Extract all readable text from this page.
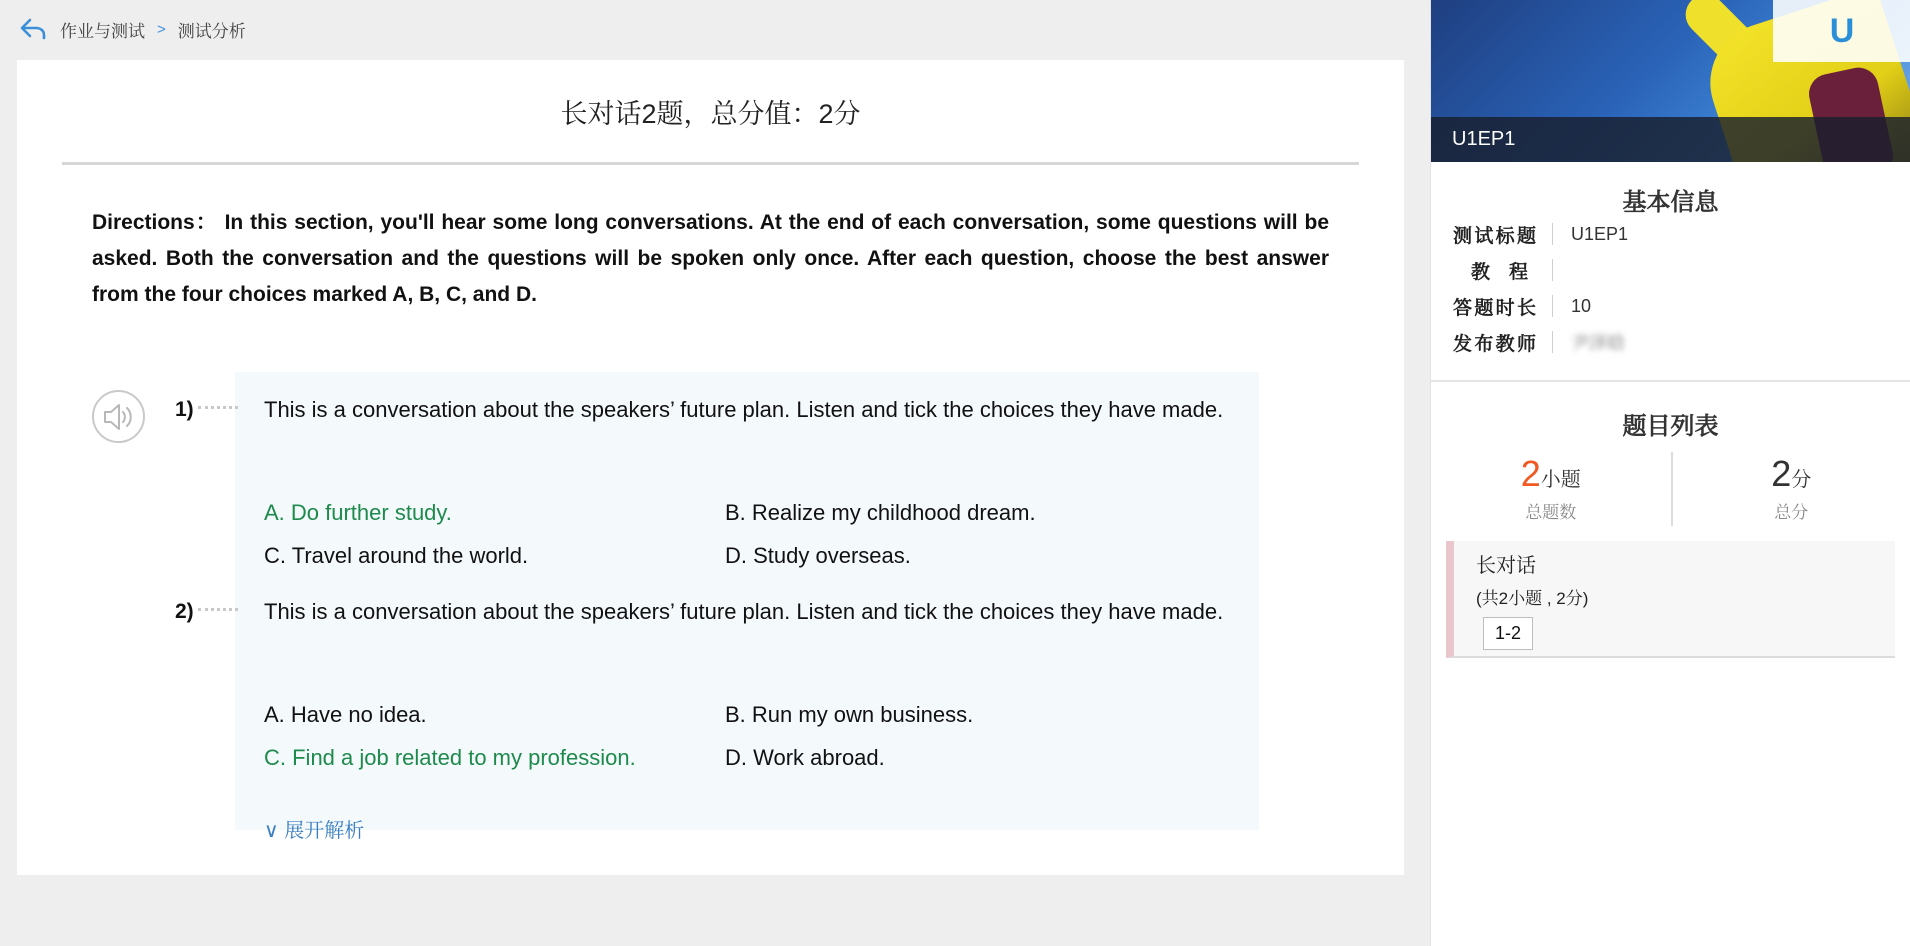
作业与测试 > 测试分析
长对话2题，总分值：2分
Directions： In this section, you'll hear some long conversations. At the end of each conversation, some questions will be asked. Both the conversation and the questions will be spoken only once. After each question, choose the best answer from the four choices marked A, B, C, and D.
1)	This is a conversation about the speakers’ future plan. Listen and tick the choices they have made.
A. Do further study.	B. Realize my childhood dream.
C. Travel around the world.	D. Study overseas.
2)	This is a conversation about the speakers’ future plan. Listen and tick the choices they have made.
A. Have no idea.	B. Run my own business.
C. Find a job related to my profession.	D. Work abroad.
∨ 展开解析
U
U1EP1
基本信息
测试标题 U1EP1
教 程
答题时长 10
发布教师 尹泽晗
题目列表
2小题
总题数
2分
总分
长对话
(共2小题 , 2分)
1-2
